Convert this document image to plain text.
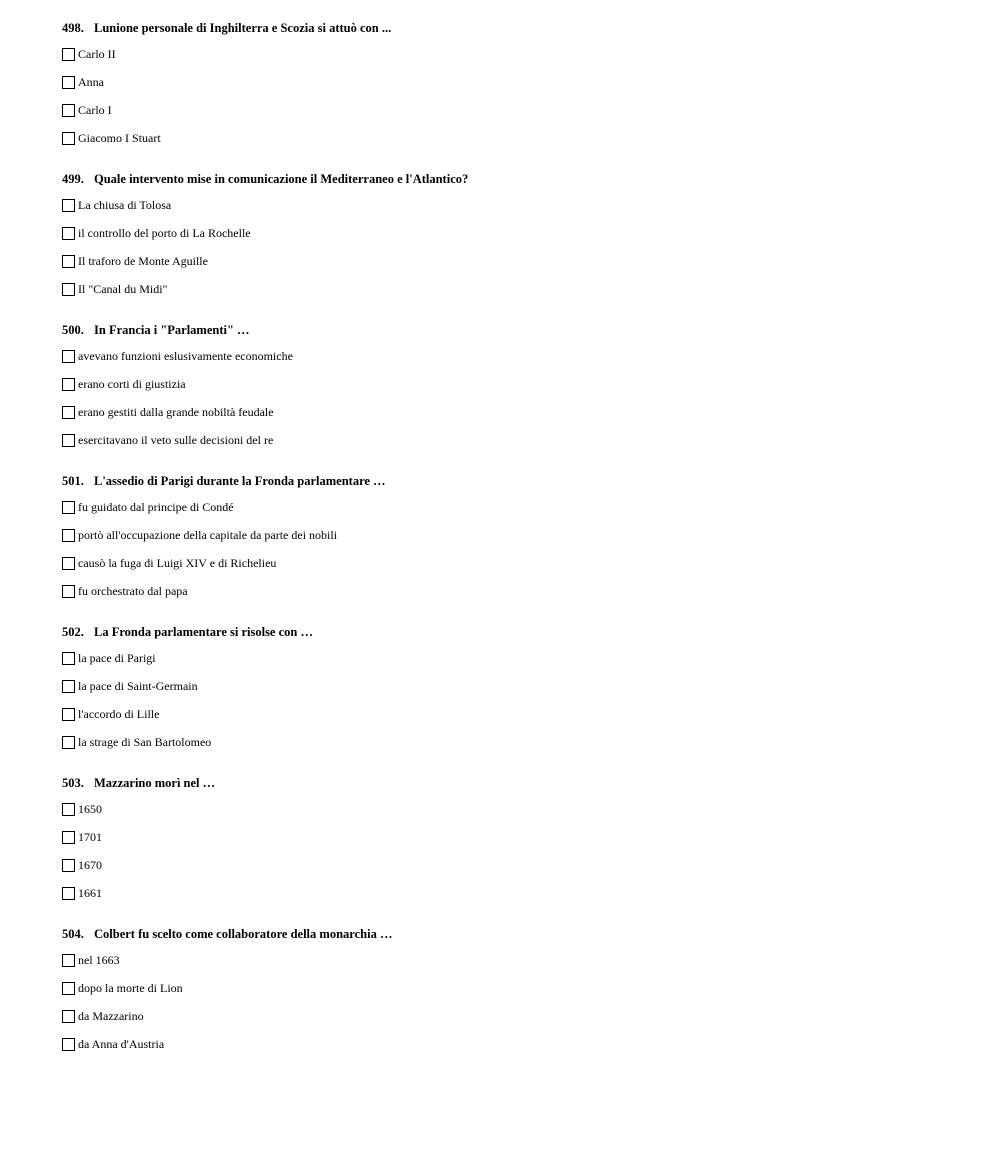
498. Lunione personale di Inghilterra e Scozia si attuò con ...
Carlo II
Anna
Carlo I
Giacomo I Stuart
499. Quale intervento mise in comunicazione il Mediterraneo e l'Atlantico?
La chiusa di Tolosa
il controllo del porto di La Rochelle
Il traforo de Monte Aguille
Il "Canal du Midi"
500. In Francia i "Parlamenti" …
avevano funzioni eslusivamente economiche
erano corti di giustizia
erano gestiti dalla grande nobiltà feudale
esercitavano il veto sulle decisioni del re
501. L'assedio di Parigi durante la Fronda parlamentare …
fu guidato dal principe di Condé
portò all'occupazione della capitale da parte dei nobili
causò la fuga di Luigi XIV e di Richelieu
fu orchestrato dal papa
502. La Fronda parlamentare si risolse con …
la pace di Parigi
la pace di Saint-Germain
l'accordo di Lille
la strage di San Bartolomeo
503. Mazzarino morì nel …
1650
1701
1670
1661
504. Colbert fu scelto come collaboratore della monarchia …
nel 1663
dopo la morte di Lion
da Mazzarino
da Anna d'Austria
